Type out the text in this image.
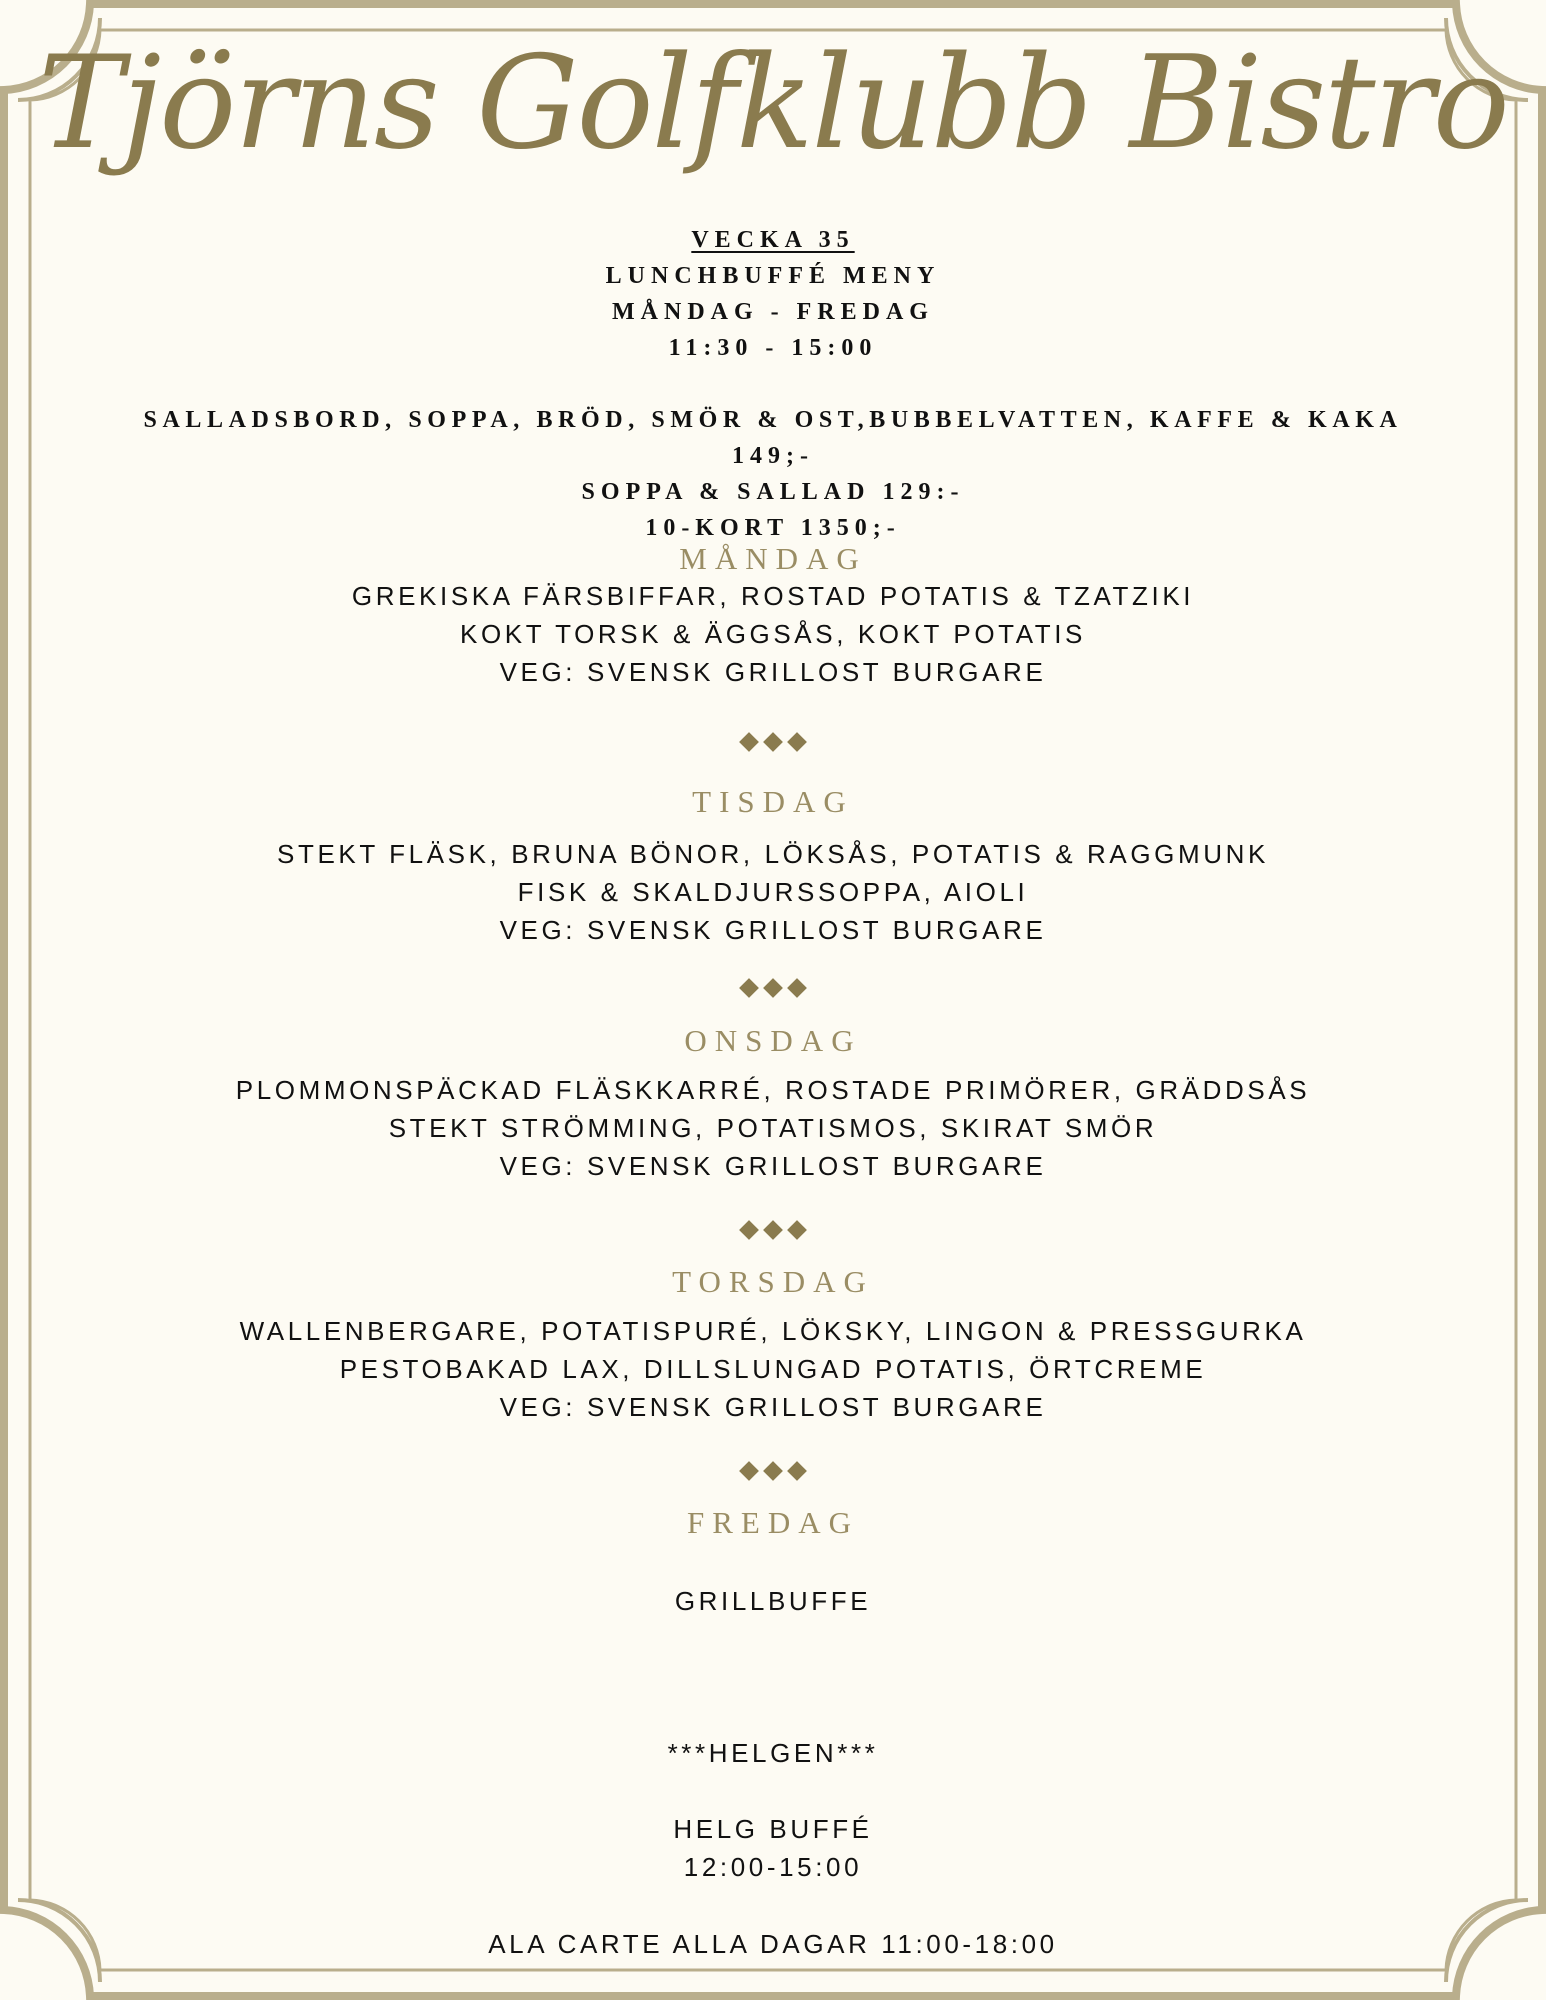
Tjörns Golfklubb Bistro
VECKA 35
LUNCHBUFFÉ MENY
MÅNDAG - FREDAG
11:30 - 15:00
SALLADSBORD, SOPPA, BRÖD, SMÖR & OST,BUBBELVATTEN, KAFFE & KAKA
149;-
SOPPA & SALLAD 129:-
10-KORT 1350;-
MÅNDAG
GREKISKA FÄRSBIFFAR, ROSTAD POTATIS & TZATZIKI
KOKT TORSK & ÄGGSÅS, KOKT POTATIS
VEG: SVENSK GRILLOST BURGARE
TISDAG
STEKT FLÄSK, BRUNA BÖNOR, LÖKSÅS, POTATIS & RAGGMUNK
FISK & SKALDJURSSOPPA, AIOLI
VEG: SVENSK GRILLOST BURGARE
ONSDAG
PLOMMONSPÄCKAD FLÄSKKARRÉ, ROSTADE PRIMÖRER, GRÄDDSÅS
STEKT STRÖMMING, POTATISMOS, SKIRAT SMÖR
VEG: SVENSK GRILLOST BURGARE
TORSDAG
WALLENBERGARE, POTATISPURÉ, LÖKSKY, LINGON & PRESSGURKA
PESTOBAKAD LAX, DILLSLUNGAD POTATIS, ÖRTCREME
VEG: SVENSK GRILLOST BURGARE
FREDAG
GRILLBUFFE
***HELGEN***
HELG BUFFÉ
12:00-15:00
ALA CARTE ALLA DAGAR 11:00-18:00
